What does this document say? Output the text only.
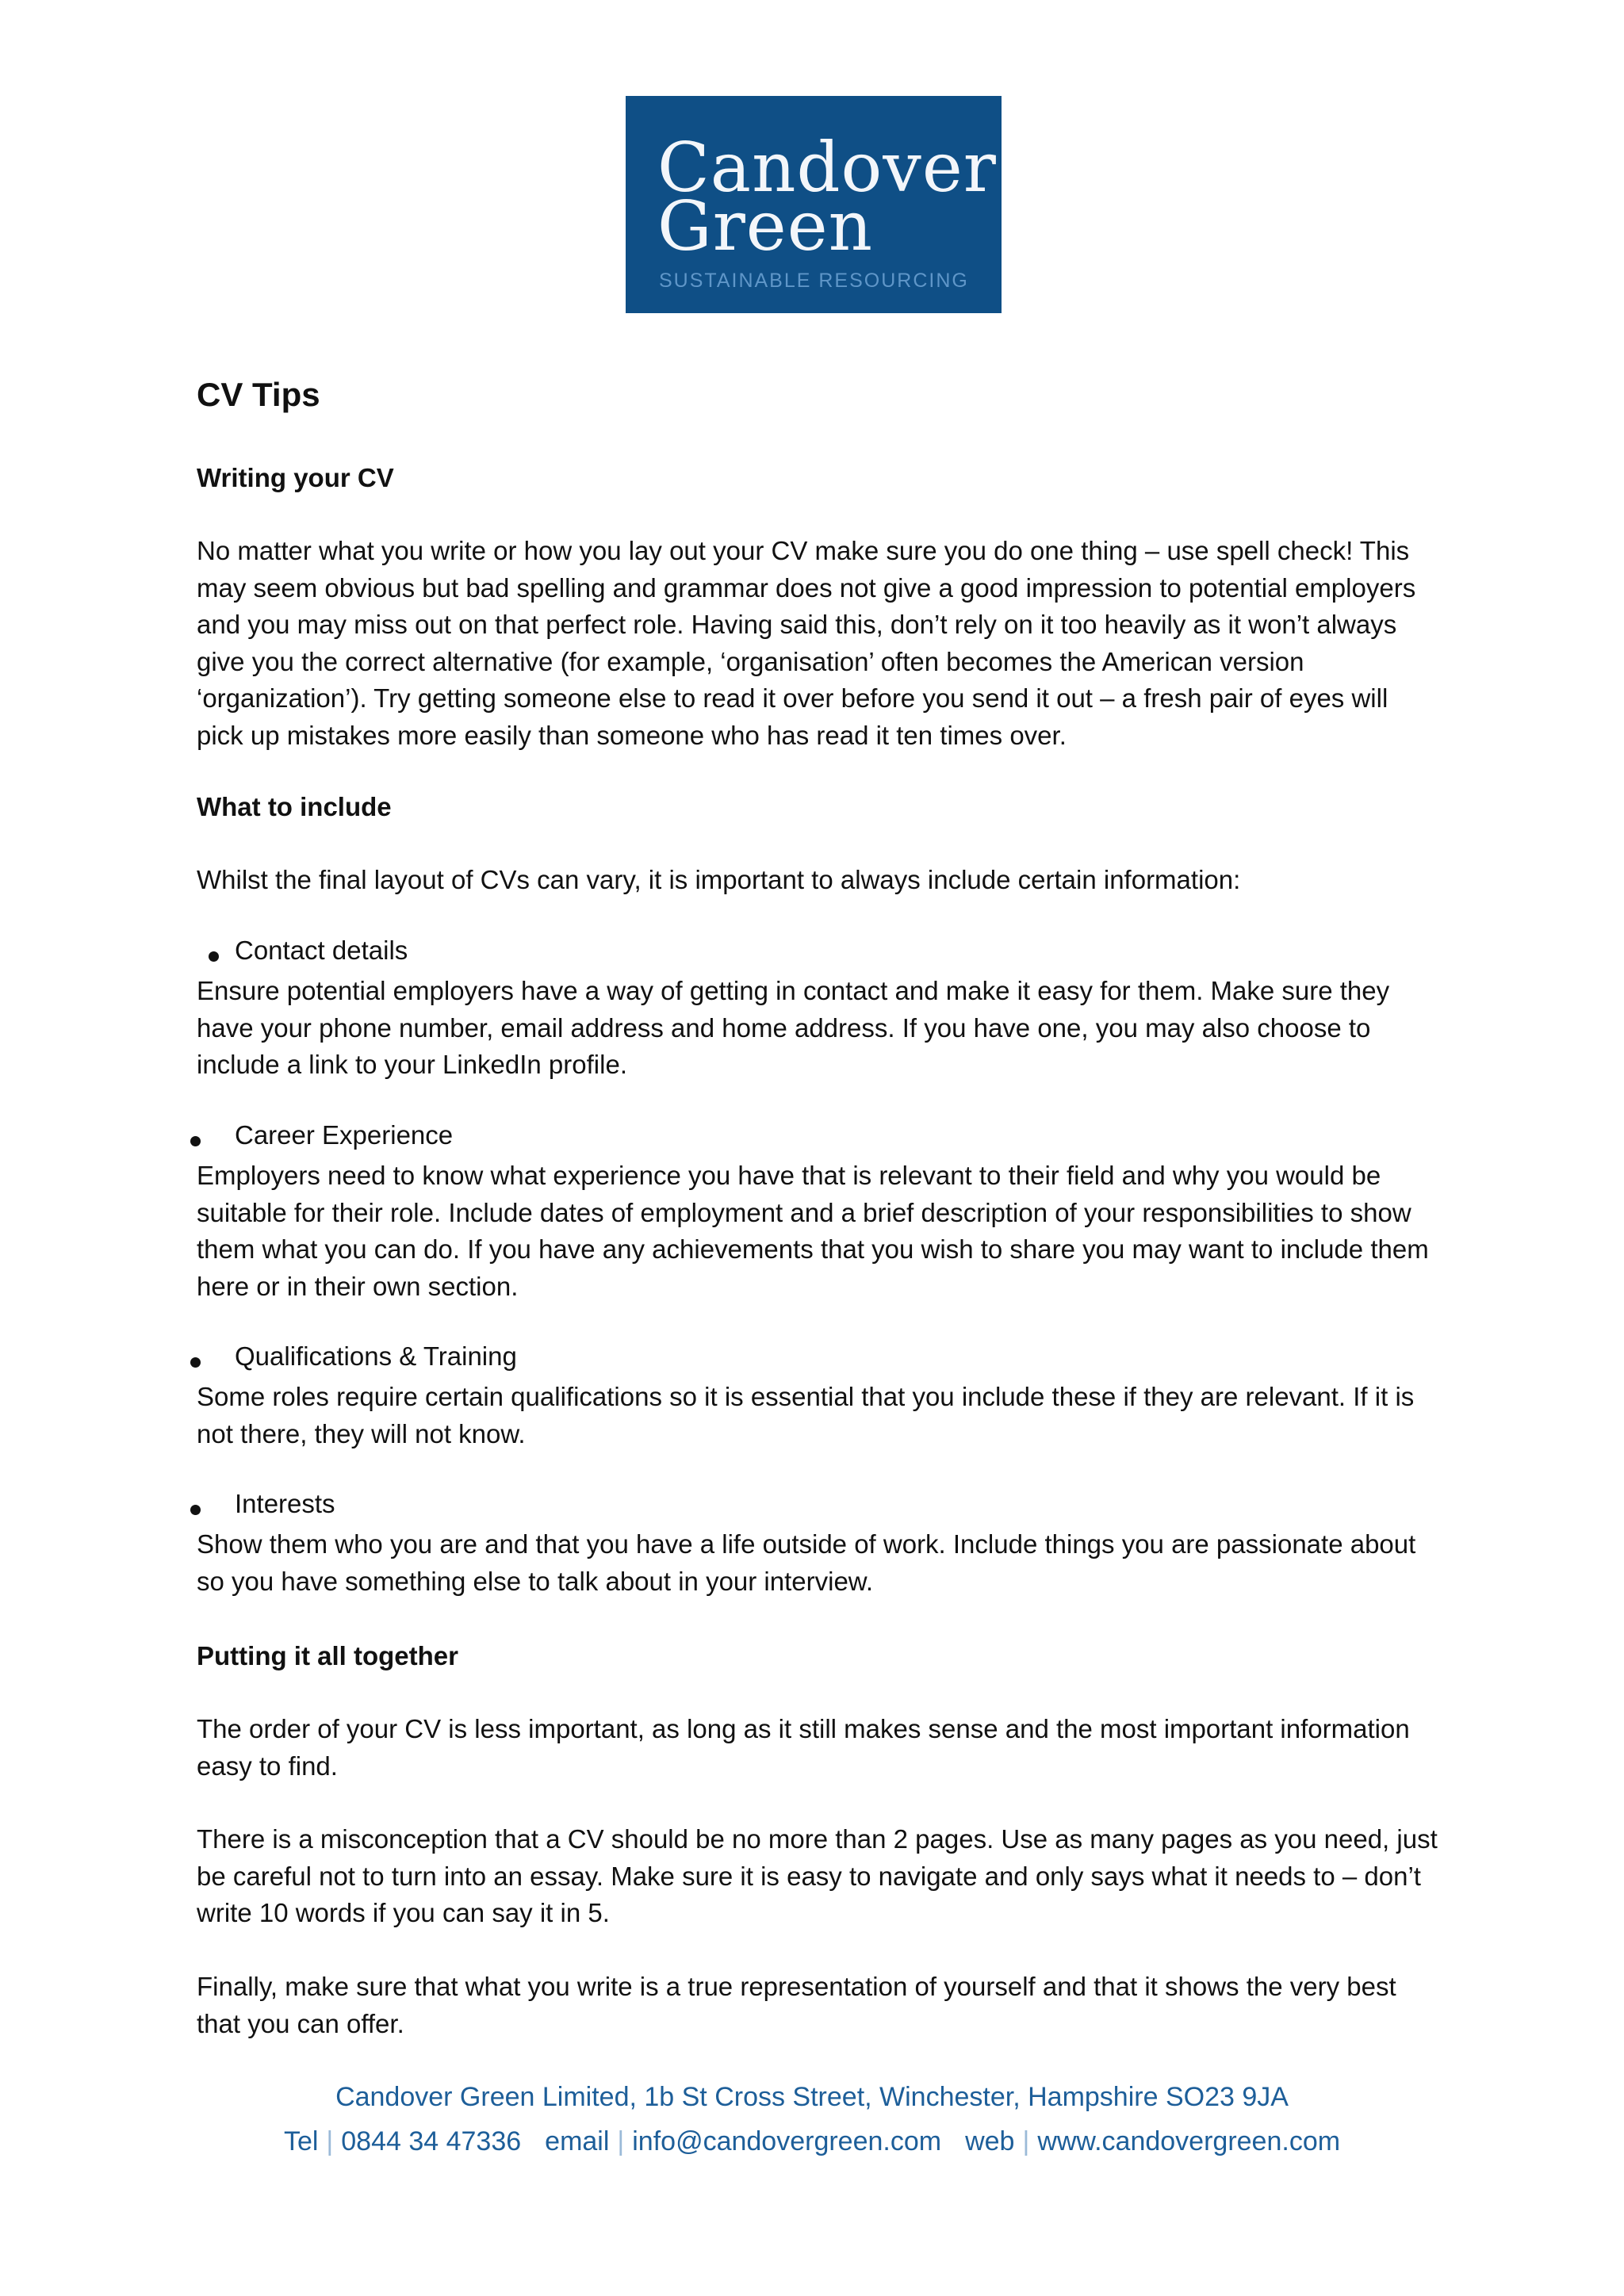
Candover
Green
SUSTAINABLE RESOURCING
CV Tips
Writing your CV
No matter what you write or how you lay out your CV make sure you do one thing – use spell check! This may seem obvious but bad spelling and grammar does not give a good impression to potential employers and you may miss out on that perfect role. Having said this, don’t rely on it too heavily as it won’t always give you the correct alternative (for example, ‘organisation’ often becomes the American version ‘organization’). Try getting someone else to read it over before you send it out – a fresh pair of eyes will pick up mistakes more easily than someone who has read it ten times over.
What to include
Whilst the final layout of CVs can vary, it is important to always include certain information:
Contact details
Ensure potential employers have a way of getting in contact and make it easy for them. Make sure they have your phone number, email address and home address. If you have one, you may also choose to include a link to your LinkedIn profile.
Career Experience
Employers need to know what experience you have that is relevant to their field and why you would be suitable for their role. Include dates of employment and a brief description of your responsibilities to show them what you can do. If you have any achievements that you wish to share you may want to include them here or in their own section.
Qualifications & Training
Some roles require certain qualifications so it is essential that you include these if they are relevant. If it is not there, they will not know.
Interests
Show them who you are and that you have a life outside of work. Include things you are passionate about so you have something else to talk about in your interview.
Putting it all together
The order of your CV is less important, as long as it still makes sense and the most important information easy to find.
There is a misconception that a CV should be no more than 2 pages. Use as many pages as you need, just be careful not to turn into an essay. Make sure it is easy to navigate and only says what it needs to – don’t write 10 words if you can say it in 5.
Finally, make sure that what you write is a true representation of yourself and that it shows the very best that you can offer.
Candover Green Limited, 1b St Cross Street, Winchester, Hampshire SO23 9JA
Tel | 0844 34 47336 email | info@candovergreen.com web | www.candovergreen.com
